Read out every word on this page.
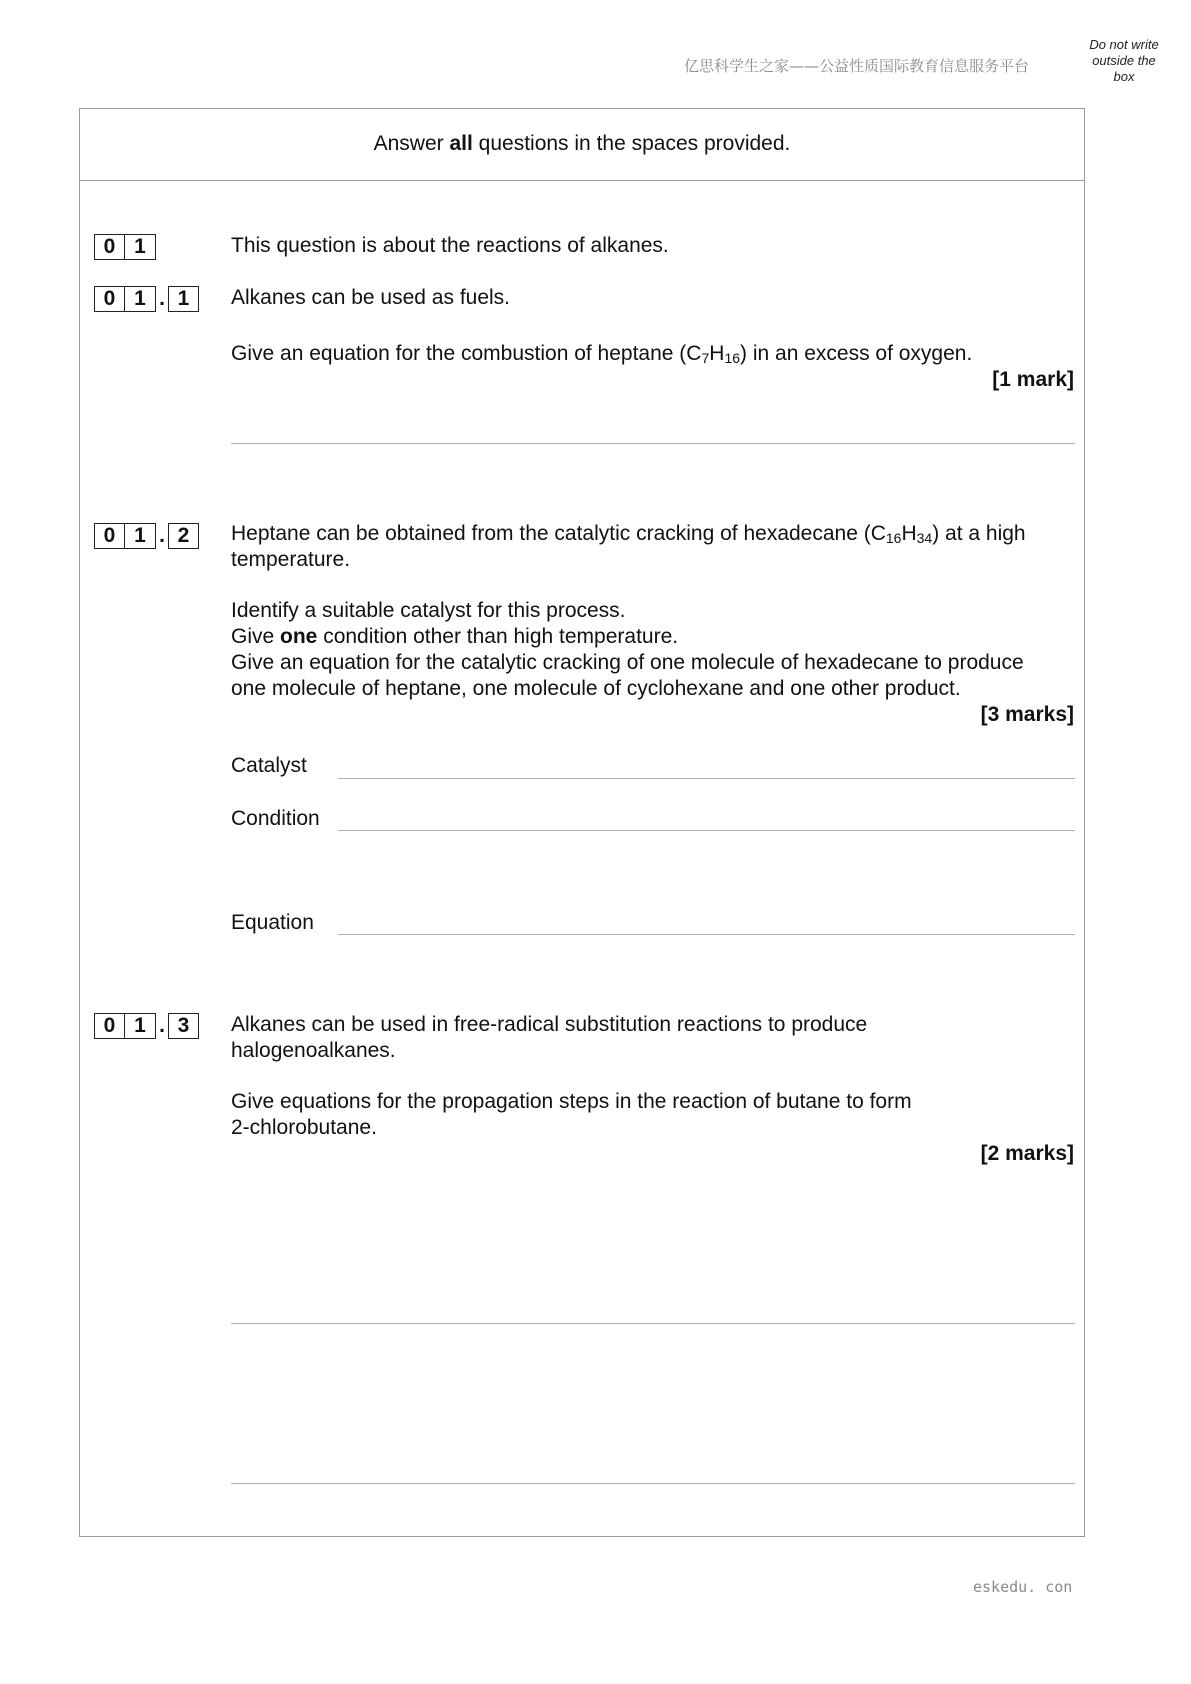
亿思科学生之家——公益性质国际教育信息服务平台
Do not write
outside the
box
Answer all questions in the spaces provided.
0 1	This question is about the reactions of alkanes.
0 1 . 1	Alkanes can be used as fuels.
Give an equation for the combustion of heptane $(C_7H_{16})$ in an excess of oxygen.
[1 mark]
0 1 . 2	Heptane can be obtained from the catalytic cracking of hexadecane $(C_{16}H_{34})$ at a high
temperature.
Identify a suitable catalyst for this process.
Give one condition other than high temperature.
Give an equation for the catalytic cracking of one molecule of hexadecane to produce
one molecule of heptane, one molecule of cyclohexane and one other product.
[3 marks]
Catalyst
Condition
Equation
0 1 . 3	Alkanes can be used in free-radical substitution reactions to produce
halogenoalkanes.
Give equations for the propagation steps in the reaction of butane to form
2-chlorobutane.
[2 marks]
eskedu. con
